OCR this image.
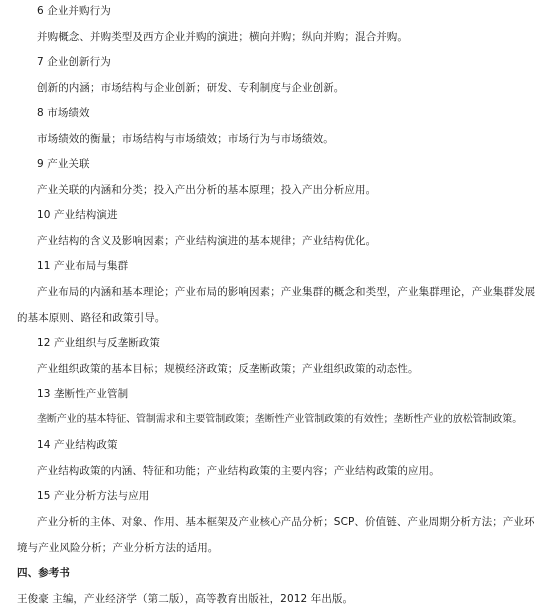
6 企业并购行为
并购概念、并购类型及西方企业并购的演进；横向并购；纵向并购；混合并购。
7 企业创新行为
创新的内涵；市场结构与企业创新；研发、专利制度与企业创新。
8 市场绩效
市场绩效的衡量；市场结构与市场绩效；市场行为与市场绩效。
9 产业关联
产业关联的内涵和分类；投入产出分析的基本原理；投入产出分析应用。
10 产业结构演进
产业结构的含义及影响因素；产业结构演进的基本规律；产业结构优化。
11 产业布局与集群
产业布局的内涵和基本理论；产业布局的影响因素；产业集群的概念和类型，产业集群理论，产业集群发展
的基本原则、路径和政策引导。
12 产业组织与反垄断政策
产业组织政策的基本目标；规模经济政策；反垄断政策；产业组织政策的动态性。
13 垄断性产业管制
垄断产业的基本特征、管制需求和主要管制政策；垄断性产业管制政策的有效性；垄断性产业的放松管制政策。
14 产业结构政策
产业结构政策的内涵、特征和功能；产业结构政策的主要内容；产业结构政策的应用。
15 产业分析方法与应用
产业分析的主体、对象、作用、基本框架及产业核心产品分析；SCP、价值链、产业周期分析方法；产业环
境与产业风险分析；产业分析方法的适用。
四、参考书
王俊豪 主编，产业经济学（第二版），高等教育出版社，2012 年出版。
